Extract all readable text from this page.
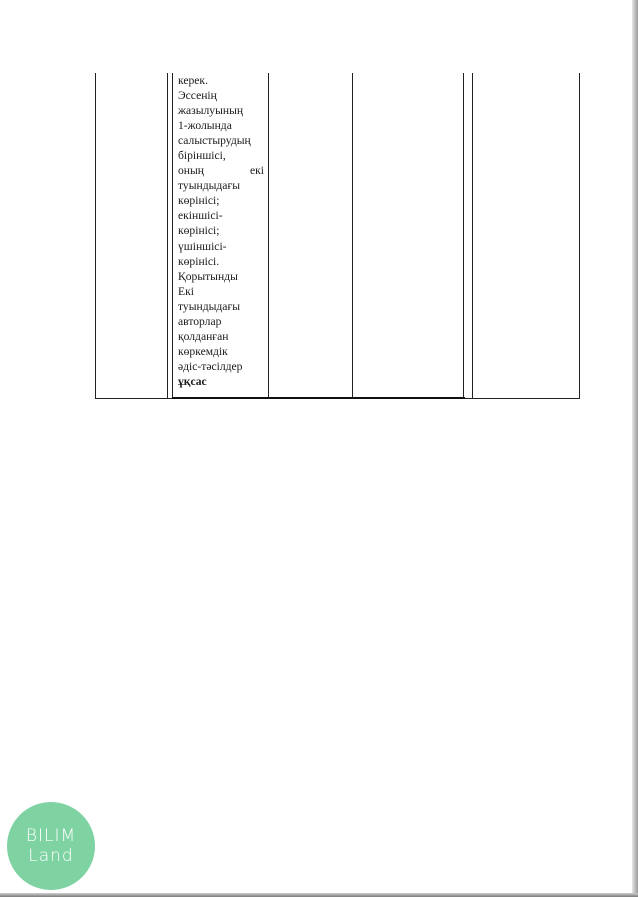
керек.
Эссенің
жазылуының
1-жолында
салыстырудың
біріншісі,
оның	екі
туындыдағы
көрінісі;
екіншісі-
көрінісі;
үшіншісі-
көрінісі.
Қорытынды
Екі
туындыдағы
авторлар
қолданған
көркемдік
әдіс-тәсілдер
ұқсас
BILIM
Land
